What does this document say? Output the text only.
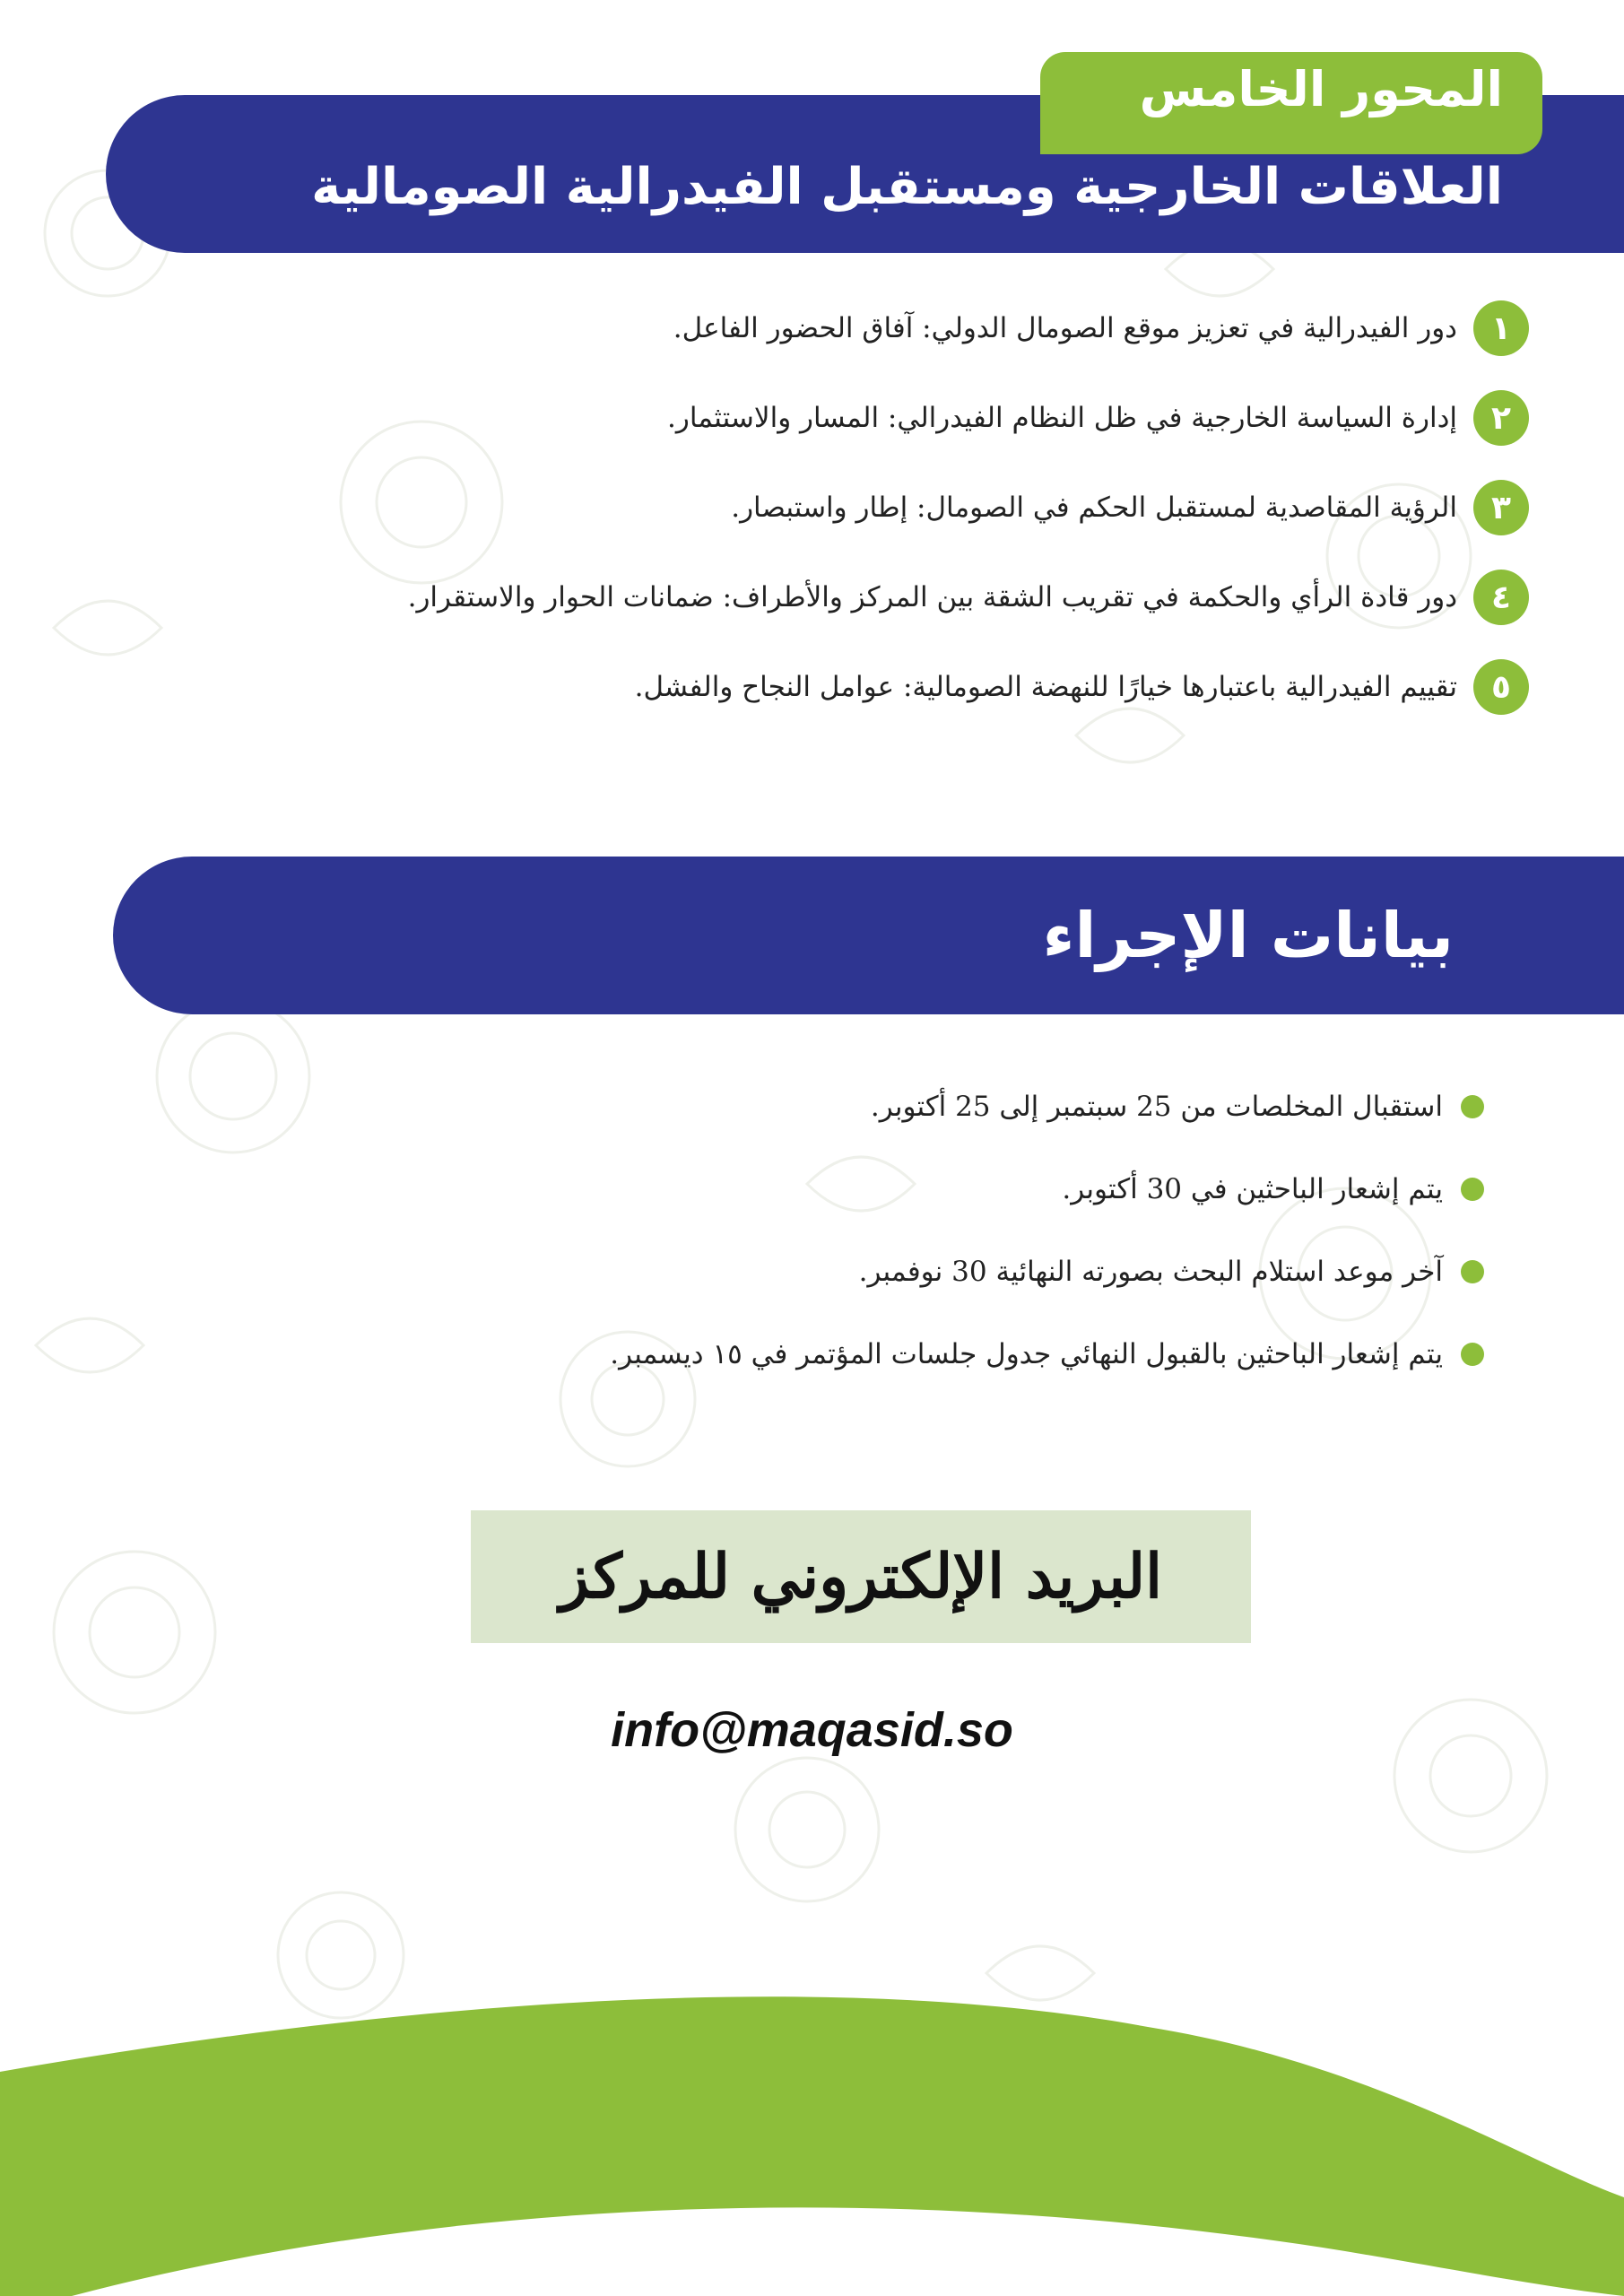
المحور الخامس
العلاقات الخارجية ومستقبل الفيدرالية الصومالية
١
دور الفيدرالية في تعزيز موقع الصومال الدولي: آفاق الحضور الفاعل.
٢
إدارة السياسة الخارجية في ظل النظام الفيدرالي: المسار والاستثمار.
٣
الرؤية المقاصدية لمستقبل الحكم في الصومال: إطار واستبصار.
٤
دور قادة الرأي والحكمة في تقريب الشقة بين المركز والأطراف: ضمانات الحوار والاستقرار.
٥
تقييم الفيدرالية باعتبارها خيارًا للنهضة الصومالية: عوامل النجاح والفشل.
بيانات الإجراء
استقبال المخلصات من 25 سبتمبر إلى 25 أكتوبر.
يتم إشعار الباحثين في 30 أكتوبر.
آخر موعد استلام البحث بصورته النهائية 30 نوفمبر.
يتم إشعار الباحثين بالقبول النهائي جدول جلسات المؤتمر في ١٥ ديسمبر.
البريد الإلكتروني للمركز
info@maqasid.so
